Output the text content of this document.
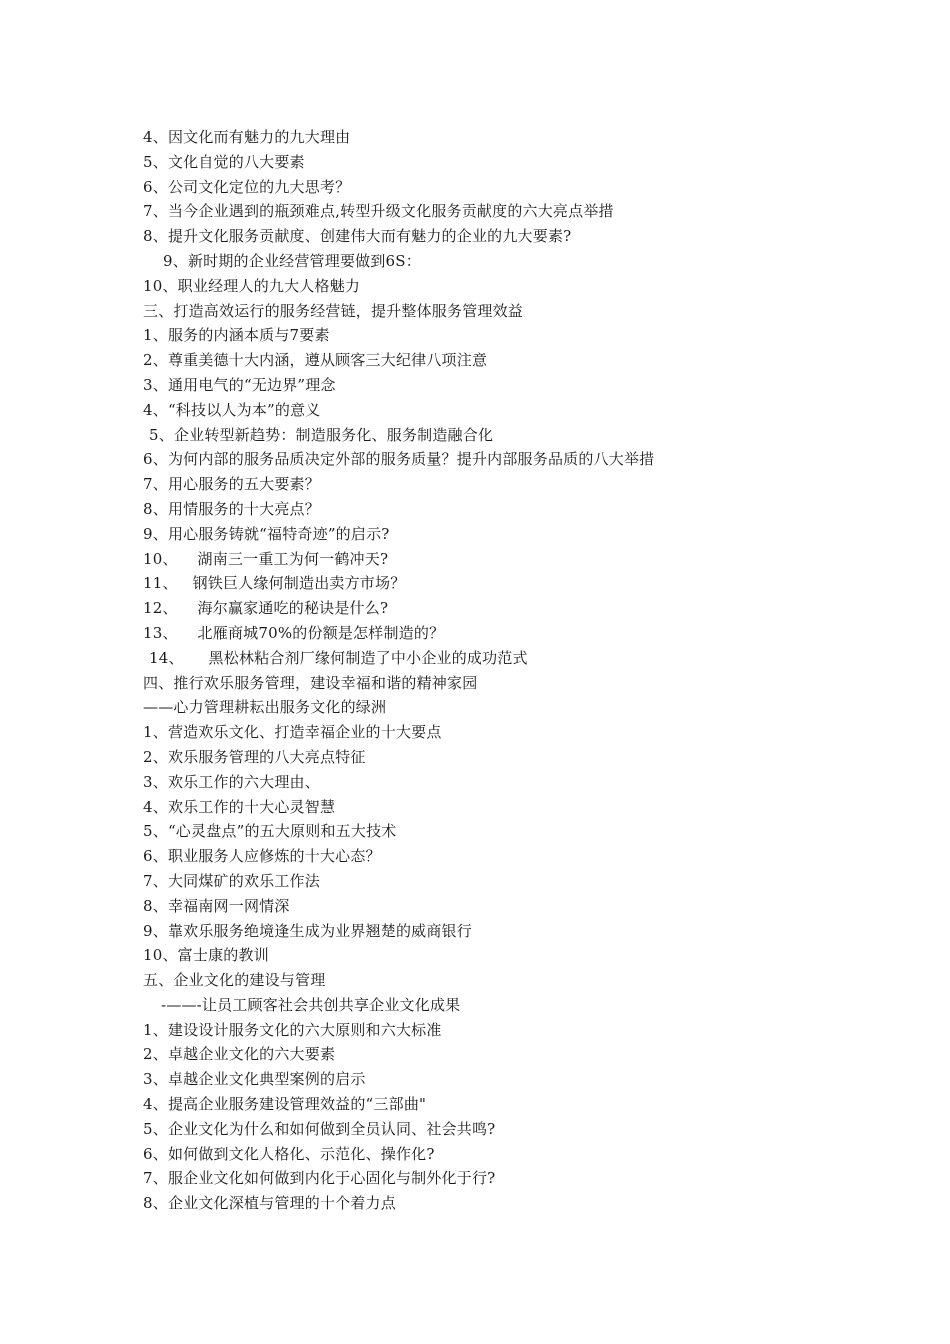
4、因文化而有魅力的九大理由
5、文化自觉的八大要素
6、公司文化定位的九大思考？
7、当今企业遇到的瓶颈难点,转型升级文化服务贡献度的六大亮点举措
8、提升文化服务贡献度、创建伟大而有魅力的企业的九大要素?
9、新时期的企业经营管理要做到6S：
10、职业经理人的九大人格魅力
三、打造高效运行的服务经营链，提升整体服务管理效益
1、服务的内涵本质与7要素
2、尊重美德十大内涵，遵从顾客三大纪律八项注意
3、通用电气的“无边界”理念
4、“科技以人为本”的意义
5、企业转型新趋势：制造服务化、服务制造融合化
6、为何内部的服务品质决定外部的服务质量？提升内部服务品质的八大举措
7、用心服务的五大要素？
8、用情服务的十大亮点？
9、用心服务铸就“福特奇迹”的启示?
10、    湖南三一重工为何一鹤冲天?
11、   钢铁巨人缘何制造出卖方市场？
12、    海尔赢家通吃的秘诀是什么?
13、    北雁商城70%的份额是怎样制造的？
14、     黑松林粘合剂厂缘何制造了中小企业的成功范式
四、推行欢乐服务管理，建设幸福和谐的精神家园
——心力管理耕耘出服务文化的绿洲
1、营造欢乐文化、打造幸福企业的十大要点
2、欢乐服务管理的八大亮点特征
3、欢乐工作的六大理由、
4、欢乐工作的十大心灵智慧
5、“心灵盘点”的五大原则和五大技术
6、职业服务人应修炼的十大心态？
7、大同煤矿的欢乐工作法
8、幸福南网一网情深
9、靠欢乐服务绝境逢生成为业界翘楚的威商银行
10、富士康的教训
五、企业文化的建设与管理
-——-让员工顾客社会共创共享企业文化成果
1、建设设计服务文化的六大原则和六大标准
2、卓越企业文化的六大要素
3、卓越企业文化典型案例的启示
4、提高企业服务建设管理效益的“三部曲"
5、企业文化为什么和如何做到全员认同、社会共鸣?
6、如何做到文化人格化、示范化、操作化?
7、服企业文化如何做到内化于心固化与制外化于行?
8、企业文化深植与管理的十个着力点
